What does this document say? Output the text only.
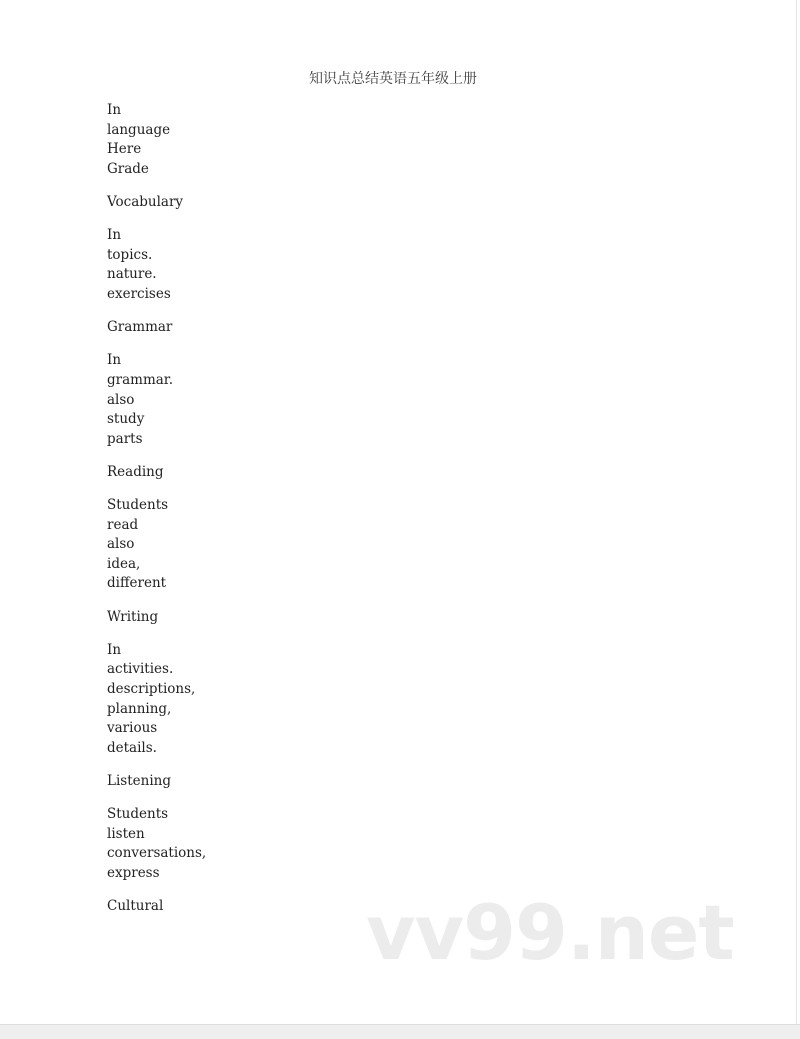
知识点总结英语五年级上册
In
language
Here
Grade
Vocabulary
In
topics.
nature.
exercises
Grammar
In
grammar.
also
study
parts
Reading
Students
read
also
idea,
different
Writing
In
activities.
descriptions,
planning,
various
details.
Listening
Students
listen
conversations,
express
Cultural	vv99.net
